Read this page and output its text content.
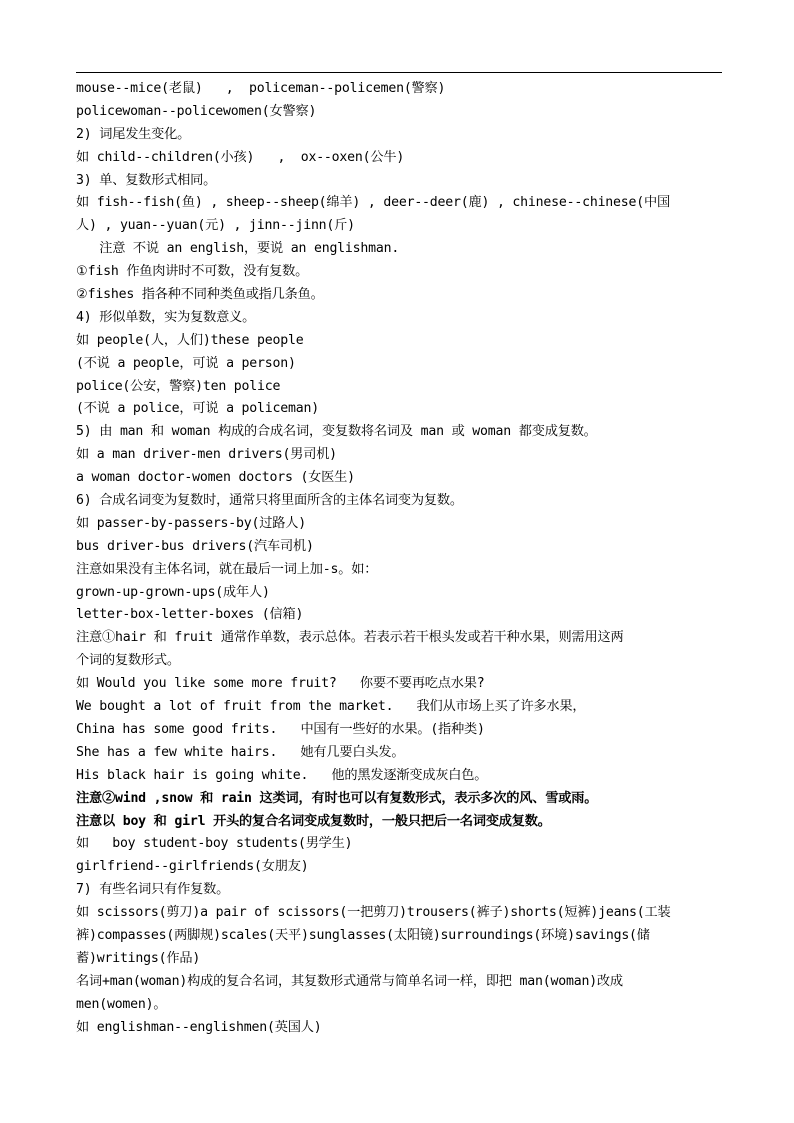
mouse--mice(老鼠)   ,  policeman--policemen(警察)
policewoman--policewomen(女警察)
2) 词尾发生变化。
如 child--children(小孩)   ,  ox--oxen(公牛)
3) 单、复数形式相同。
如 fish--fish(鱼) , sheep--sheep(绵羊) , deer--deer(鹿) , chinese--chinese(中国
人) , yuan--yuan(元) , jinn--jinn(斤)
注意 不说 an english，要说 an englishman.
①fish 作鱼肉讲时不可数，没有复数。
②fishes 指各种不同种类鱼或指几条鱼。
4) 形似单数，实为复数意义。
如 people(人，人们)these people
(不说 a people，可说 a person)
police(公安，警察)ten police
(不说 a police，可说 a policeman)
5) 由 man 和 woman 构成的合成名词，变复数将名词及 man 或 woman 都变成复数。
如 a man driver-men drivers(男司机)
a woman doctor-women doctors (女医生)
6) 合成名词变为复数时，通常只将里面所含的主体名词变为复数。
如 passer-by-passers-by(过路人)
bus driver-bus drivers(汽车司机)
注意如果没有主体名词，就在最后一词上加-s。如：
grown-up-grown-ups(成年人)
letter-box-letter-boxes (信箱)
注意①hair 和 fruit 通常作单数，表示总体。若表示若干根头发或若干种水果，则需用这两
个词的复数形式。
如 Would you like some more fruit?   你要不要再吃点水果?
We bought a lot of fruit from the market.   我们从市场上买了许多水果，
China has some good frits.   中国有一些好的水果。(指种类)
She has a few white hairs.   她有几要白头发。
His black hair is going white.   他的黑发逐渐变成灰白色。
注意②wind ,snow 和 rain 这类词，有时也可以有复数形式，表示多次的风、雪或雨。
注意以 boy 和 girl 开头的复合名词变成复数时，一般只把后一名词变成复数。
如   boy student-boy students(男学生)
girlfriend--girlfriends(女朋友)
7) 有些名词只有作复数。
如 scissors(剪刀)a pair of scissors(一把剪刀)trousers(裤子)shorts(短裤)jeans(工装
裤)compasses(两脚规)scales(天平)sunglasses(太阳镜)surroundings(环境)savings(储
蓄)writings(作品)
名词+man(woman)构成的复合名词，其复数形式通常与简单名词一样，即把 man(woman)改成
men(women)。
如 englishman--englishmen(英国人)
